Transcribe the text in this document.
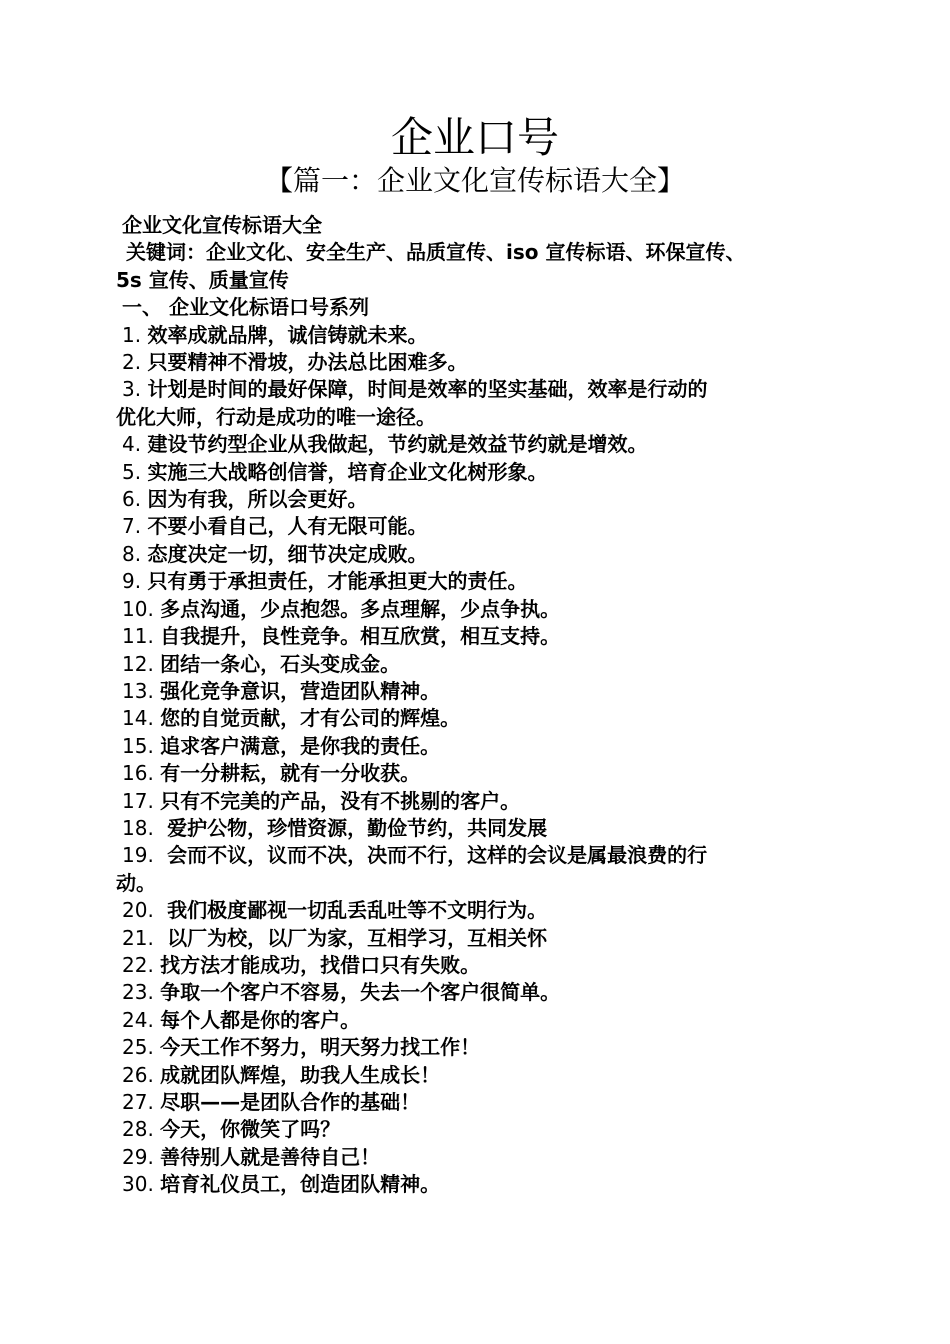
企业口号
【篇一：企业文化宣传标语大全】
企业文化宣传标语大全
关键词：企业文化、安全生产、品质宣传、iso 宣传标语、环保宣传、
5s 宣传、质量宣传
一、 企业文化标语口号系列
1. 效率成就品牌，诚信铸就未来。
2. 只要精神不滑坡，办法总比困难多。
3. 计划是时间的最好保障，时间是效率的坚实基础，效率是行动的
优化大师，行动是成功的唯一途径。
4. 建设节约型企业从我做起，节约就是效益节约就是增效。
5. 实施三大战略创信誉，培育企业文化树形象。
6. 因为有我，所以会更好。
7. 不要小看自己，人有无限可能。
8. 态度决定一切，细节决定成败。
9. 只有勇于承担责任，才能承担更大的责任。
10. 多点沟通，少点抱怨。多点理解，少点争执。
11. 自我提升，良性竞争。相互欣赏，相互支持。
12. 团结一条心，石头变成金。
13. 强化竞争意识，营造团队精神。
14. 您的自觉贡献，才有公司的辉煌。
15. 追求客户满意，是你我的责任。
16. 有一分耕耘，就有一分收获。
17. 只有不完美的产品，没有不挑剔的客户。
18.  爱护公物，珍惜资源，勤俭节约，共同发展
19.  会而不议，议而不决，决而不行，这样的会议是属最浪费的行
动。
20.  我们极度鄙视一切乱丢乱吐等不文明行为。
21.  以厂为校，以厂为家，互相学习，互相关怀
22. 找方法才能成功，找借口只有失败。
23. 争取一个客户不容易，失去一个客户很简单。
24. 每个人都是你的客户。
25. 今天工作不努力，明天努力找工作！
26. 成就团队辉煌，助我人生成长！
27. 尽职——是团队合作的基础！
28. 今天，你微笑了吗？
29. 善待别人就是善待自己！
30. 培育礼仪员工，创造团队精神。
